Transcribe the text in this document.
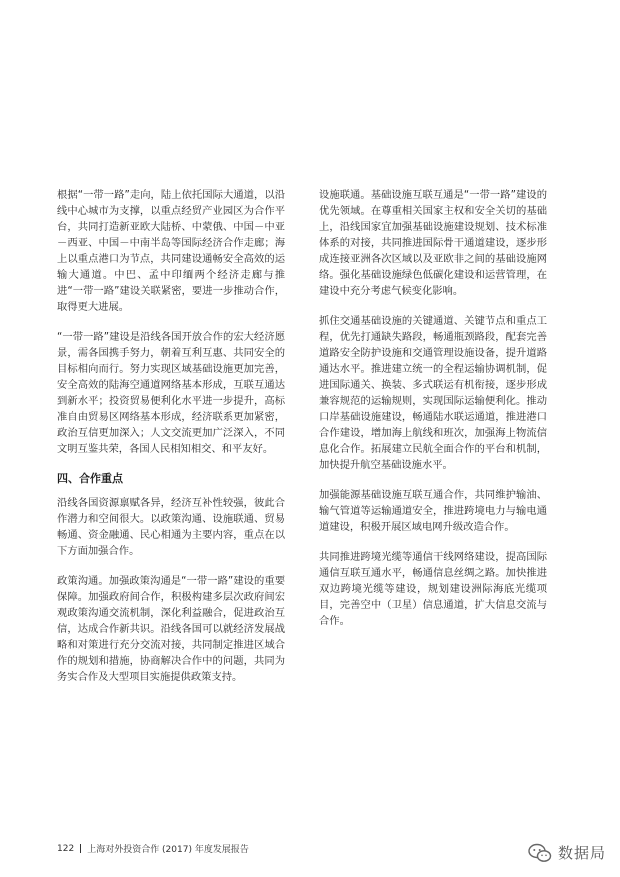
根据“一带一路”走向，陆上依托国际大通道，以沿线中心城市为支撑，以重点经贸产业园区为合作平台，共同打造新亚欧大陆桥、中蒙俄、中国－中亚－西亚、中国－中南半岛等国际经济合作走廊；海上以重点港口为节点，共同建设通畅安全高效的运输大通道。中巴、孟中印缅两个经济走廊与推进“一带一路”建设关联紧密，要进一步推动合作，取得更大进展。

“一带一路”建设是沿线各国开放合作的宏大经济愿景，需各国携手努力，朝着互利互惠、共同安全的目标相向而行。努力实现区域基础设施更加完善，安全高效的陆海空通道网络基本形成，互联互通达到新水平；投资贸易便利化水平进一步提升，高标准自由贸易区网络基本形成，经济联系更加紧密，政治互信更加深入；人文交流更加广泛深入，不同文明互鉴共荣，各国人民相知相交、和平友好。

四、合作重点

沿线各国资源禀赋各异，经济互补性较强，彼此合作潜力和空间很大。以政策沟通、设施联通、贸易畅通、资金融通、民心相通为主要内容，重点在以下方面加强合作。

政策沟通。加强政策沟通是“一带一路”建设的重要保障。加强政府间合作，积极构建多层次政府间宏观政策沟通交流机制，深化利益融合，促进政治互信，达成合作新共识。沿线各国可以就经济发展战略和对策进行充分交流对接，共同制定推进区域合作的规划和措施，协商解决合作中的问题，共同为务实合作及大型项目实施提供政策支持。

设施联通。基础设施互联互通是“一带一路”建设的优先领域。在尊重相关国家主权和安全关切的基础上，沿线国家宜加强基础设施建设规划、技术标准体系的对接，共同推进国际骨干通道建设，逐步形成连接亚洲各次区域以及亚欧非之间的基础设施网络。强化基础设施绿色低碳化建设和运营管理，在建设中充分考虑气候变化影响。

抓住交通基础设施的关键通道、关键节点和重点工程，优先打通缺失路段，畅通瓶颈路段，配套完善道路安全防护设施和交通管理设施设备，提升道路通达水平。推进建立统一的全程运输协调机制，促进国际通关、换装、多式联运有机衔接，逐步形成兼容规范的运输规则，实现国际运输便利化。推动口岸基础设施建设，畅通陆水联运通道，推进港口合作建设，增加海上航线和班次，加强海上物流信息化合作。拓展建立民航全面合作的平台和机制，加快提升航空基础设施水平。

加强能源基础设施互联互通合作，共同维护输油、输气管道等运输通道安全，推进跨境电力与输电通道建设，积极开展区域电网升级改造合作。

共同推进跨境光缆等通信干线网络建设，提高国际通信互联互通水平，畅通信息丝绸之路。加快推进双边跨境光缆等建设，规划建设洲际海底光缆项目，完善空中（卫星）信息通道，扩大信息交流与合作。

122 上海对外投资合作 (2017) 年度发展报告	数据局
